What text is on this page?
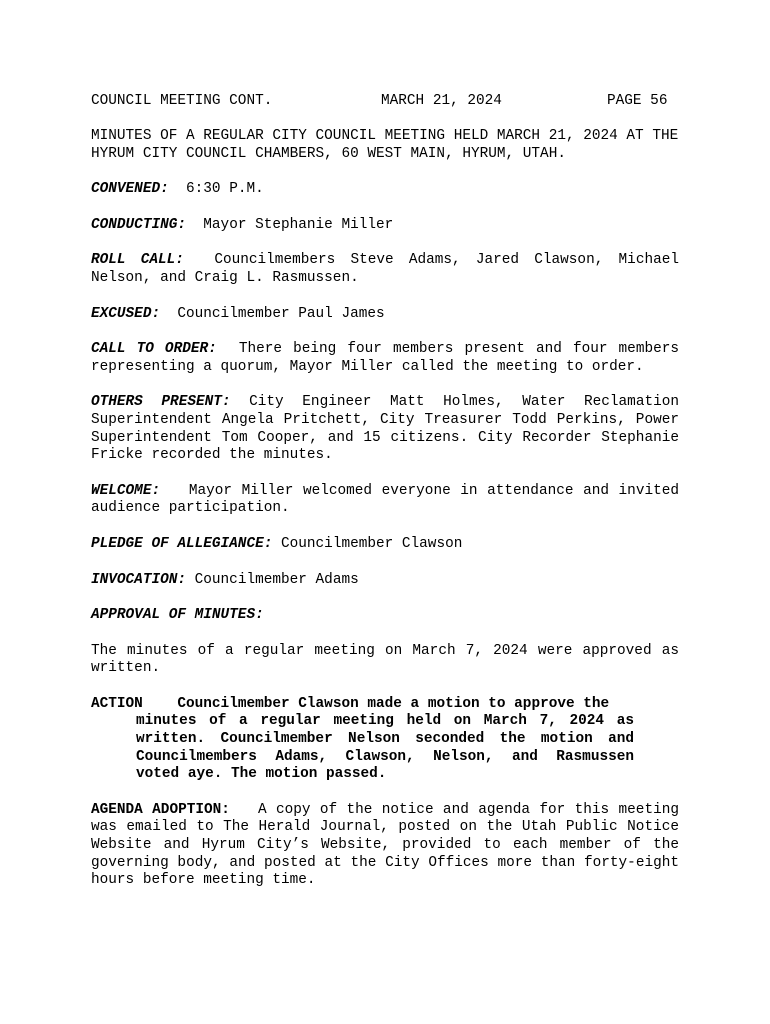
COUNCIL MEETING CONT.

	MARCH 21, 2024

	PAGE 56

MINUTES OF A REGULAR CITY COUNCIL MEETING HELD MARCH 21, 2024 AT THE HYRUM CITY COUNCIL CHAMBERS, 60 WEST MAIN, HYRUM, UTAH.
CONVENED: 6:30 P.M.
CONDUCTING: Mayor Stephanie Miller
ROLL CALL: Councilmembers Steve Adams, Jared Clawson, Michael Nelson, and Craig L. Rasmussen.
EXCUSED: Councilmember Paul James
CALL TO ORDER: There being four members present and four members representing a quorum, Mayor Miller called the meeting to order.
OTHERS PRESENT: City Engineer Matt Holmes, Water Reclamation Superintendent Angela Pritchett, City Treasurer Todd Perkins, Power Superintendent Tom Cooper, and 15 citizens. City Recorder Stephanie Fricke recorded the minutes.
WELCOME: Mayor Miller welcomed everyone in attendance and invited audience participation.
PLEDGE OF ALLEGIANCE: Councilmember Clawson
INVOCATION: Councilmember Adams
APPROVAL OF MINUTES:
The minutes of a regular meeting on March 7, 2024 were approved as written.
ACTION Councilmember Clawson made a motion to approve the
minutes of a regular meeting held on March 7, 2024 as written. Councilmember Nelson seconded the motion and Councilmembers Adams, Clawson, Nelson, and Rasmussen voted aye. The motion passed.
AGENDA ADOPTION: A copy of the notice and agenda for this meeting was emailed to The Herald Journal, posted on the Utah Public Notice Website and Hyrum City’s Website, provided to each member of the governing body, and posted at the City Offices more than forty-eight hours before meeting time.
